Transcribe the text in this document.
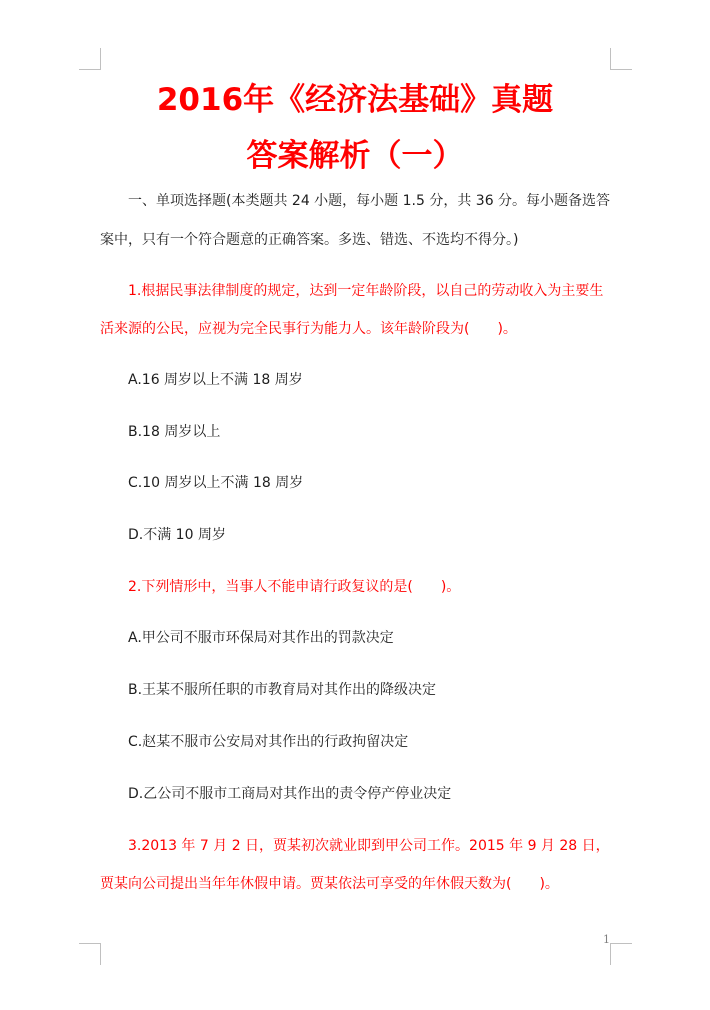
2016年《经济法基础》真题
答案解析（一）
一、单项选择题(本类题共 24 小题，每小题 1.5 分，共 36 分。每小题备选答
案中，只有一个符合题意的正确答案。多选、错选、不选均不得分。)
1.根据民事法律制度的规定，达到一定年龄阶段，以自己的劳动收入为主要生
活来源的公民，应视为完全民事行为能力人。该年龄阶段为(　　)。
A.16 周岁以上不满 18 周岁
B.18 周岁以上
C.10 周岁以上不满 18 周岁
D.不满 10 周岁
2.下列情形中，当事人不能申请行政复议的是(　　)。
A.甲公司不服市环保局对其作出的罚款决定
B.王某不服所任职的市教育局对其作出的降级决定
C.赵某不服市公安局对其作出的行政拘留决定
D.乙公司不服市工商局对其作出的责令停产停业决定
3.2013 年 7 月 2 日，贾某初次就业即到甲公司工作。2015 年 9 月 28 日，
贾某向公司提出当年年休假申请。贾某依法可享受的年休假天数为(　　)。
1
